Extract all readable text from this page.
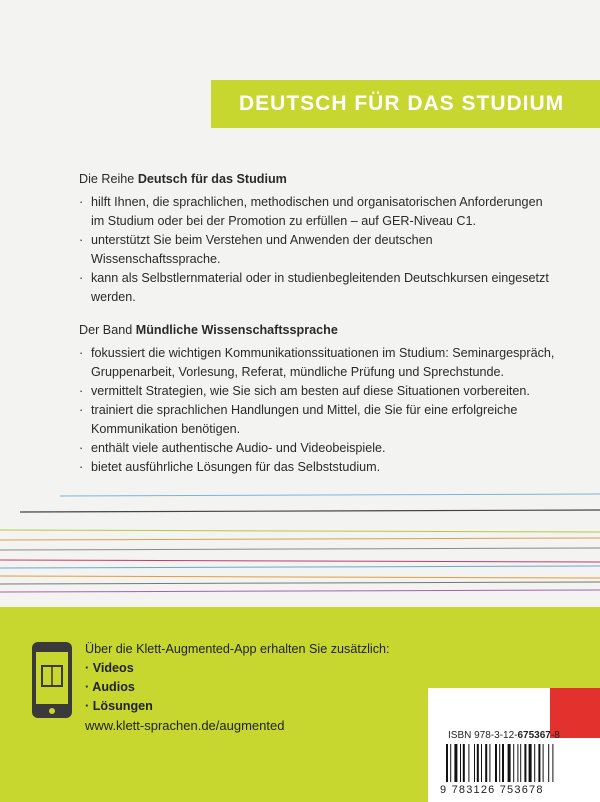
DEUTSCH FÜR DAS STUDIUM

Die Reihe Deutsch für das Studium

· hilft Ihnen, die sprachlichen, methodischen und organisatorischen Anforderungen im Studium oder bei der Promotion zu erfüllen – auf GER-Niveau C1.
· unterstützt Sie beim Verstehen und Anwenden der deutschen Wissenschaftssprache.
· kann als Selbstlernmaterial oder in studienbegleitenden Deutschkursen eingesetzt werden.

Der Band Mündliche Wissenschaftssprache

· fokussiert die wichtigen Kommunikationssituationen im Studium: Seminargespräch, Gruppenarbeit, Vorlesung, Referat, mündliche Prüfung und Sprechstunde.
· vermittelt Strategien, wie Sie sich am besten auf diese Situationen vorbereiten.
· trainiert die sprachlichen Handlungen und Mittel, die Sie für eine erfolgreiche Kommunikation benötigen.
· enthält viele authentische Audio- und Videobeispiele.
· bietet ausführliche Lösungen für das Selbststudium.
Über die Klett-Augmented-App erhalten Sie zusätzlich:
· Videos
· Audios
· Lösungen
www.klett-sprachen.de/augmented
ISBN 978-3-12-675367-8
9 783126 753678
